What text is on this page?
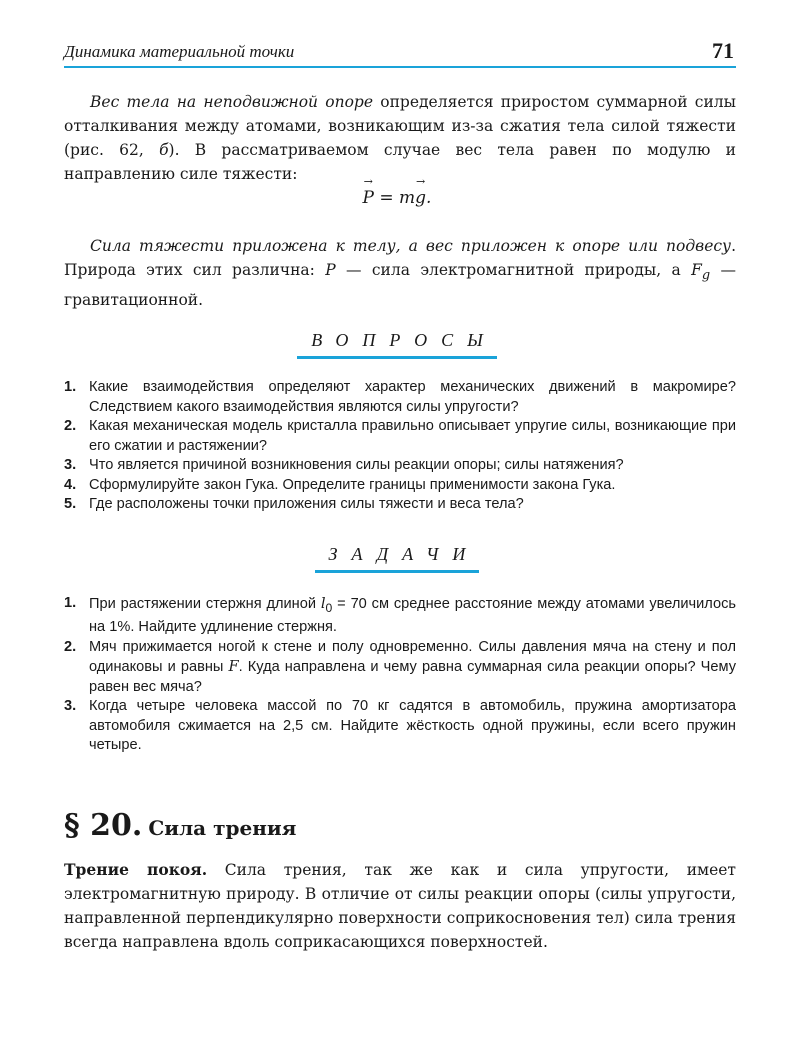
Динамика материальной точки	71
Вес тела на неподвижной опоре определяется приростом суммарной силы отталкивания между атомами, возникающим из-за сжатия тела силой тяжести (рис. 62, б). В рассматриваемом случае вес тела равен по модулю и направлению силе тяжести:
→ P = m→ g.
Сила тяжести приложена к телу, а вес приложен к опоре или подвесу. Природа этих сил различна: P — сила электромагнитной природы, а $F_g$ — гравитационной.
ВОПРОСЫ
1. Какие взаимодействия определяют характер механических движений в макромире? Следствием какого взаимодействия являются силы упругости?
2. Какая механическая модель кристалла правильно описывает упругие силы, возникающие при его сжатии и растяжении?
3. Что является причиной возникновения силы реакции опоры; силы натяжения?
4. Сформулируйте закон Гука. Определите границы применимости закона Гука.
5. Где расположены точки приложения силы тяжести и веса тела?
ЗАДАЧИ
1. При растяжении стержня длиной $l_0 = 70$ см среднее расстояние между атомами увеличилось на 1%. Найдите удлинение стержня.
2. Мяч прижимается ногой к стене и полу одновременно. Силы давления мяча на стену и пол одинаковы и равны F. Куда направлена и чему равна суммарная сила реакции опоры? Чему равен вес мяча?
3. Когда четыре человека массой по 70 кг садятся в автомобиль, пружина амортизатора автомобиля сжимается на 2,5 см. Найдите жёсткость одной пружины, если всего пружин четыре.
§ 20. Сила трения
Трение покоя. Сила трения, так же как и сила упругости, имеет электромагнитную природу. В отличие от силы реакции опоры (силы упругости, направленной перпендикулярно поверхности соприкосновения тел) сила трения всегда направлена вдоль соприкасающихся поверхностей.
